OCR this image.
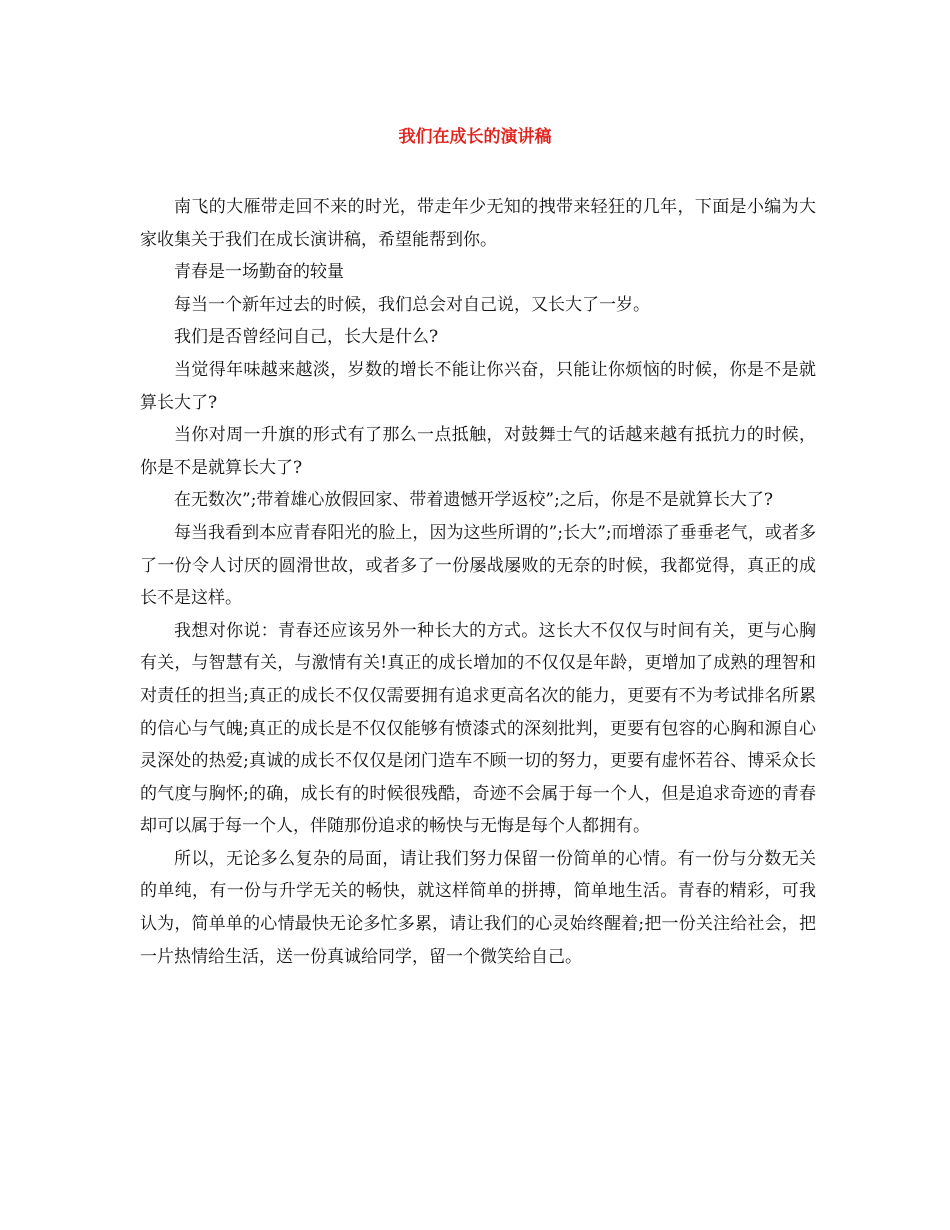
我们在成长的演讲稿

南飞的大雁带走回不来的时光，带走年少无知的拽带来轻狂的几年，下面是小编为大家收集关于我们在成长演讲稿，希望能帮到你。

青春是一场勤奋的较量

每当一个新年过去的时候，我们总会对自己说，又长大了一岁。

我们是否曾经问自己，长大是什么?

当觉得年味越来越淡，岁数的增长不能让你兴奋，只能让你烦恼的时候，你是不是就算长大了?

当你对周一升旗的形式有了那么一点抵触，对鼓舞士气的话越来越有抵抗力的时候，你是不是就算长大了?

在无数次”;带着雄心放假回家、带着遗憾开学返校”;之后，你是不是就算长大了?

每当我看到本应青春阳光的脸上，因为这些所谓的”;长大”;而增添了垂垂老气，或者多了一份令人讨厌的圆滑世故，或者多了一份屡战屡败的无奈的时候，我都觉得，真正的成长不是这样。

我想对你说：青春还应该另外一种长大的方式。这长大不仅仅与时间有关，更与心胸有关，与智慧有关，与激情有关!真正的成长增加的不仅仅是年龄，更增加了成熟的理智和对责任的担当;真正的成长不仅仅需要拥有追求更高名次的能力，更要有不为考试排名所累的信心与气魄;真正的成长是不仅仅能够有愤漆式的深刻批判，更要有包容的心胸和源自心灵深处的热爱;真诚的成长不仅仅是闭门造车不顾一切的努力，更要有虚怀若谷、博采众长的气度与胸怀;的确，成长有的时候很残酷，奇迹不会属于每一个人，但是追求奇迹的青春却可以属于每一个人，伴随那份追求的畅快与无悔是每个人都拥有。

所以，无论多么复杂的局面，请让我们努力保留一份简单的心情。有一份与分数无关的单纯，有一份与升学无关的畅快，就这样简单的拼搏，简单地生活。青春的精彩，可我认为，简单单的心情最快无论多忙多累，请让我们的心灵始终醒着;把一份关注给社会，把一片热情给生活，送一份真诚给同学，留一个微笑给自己。
